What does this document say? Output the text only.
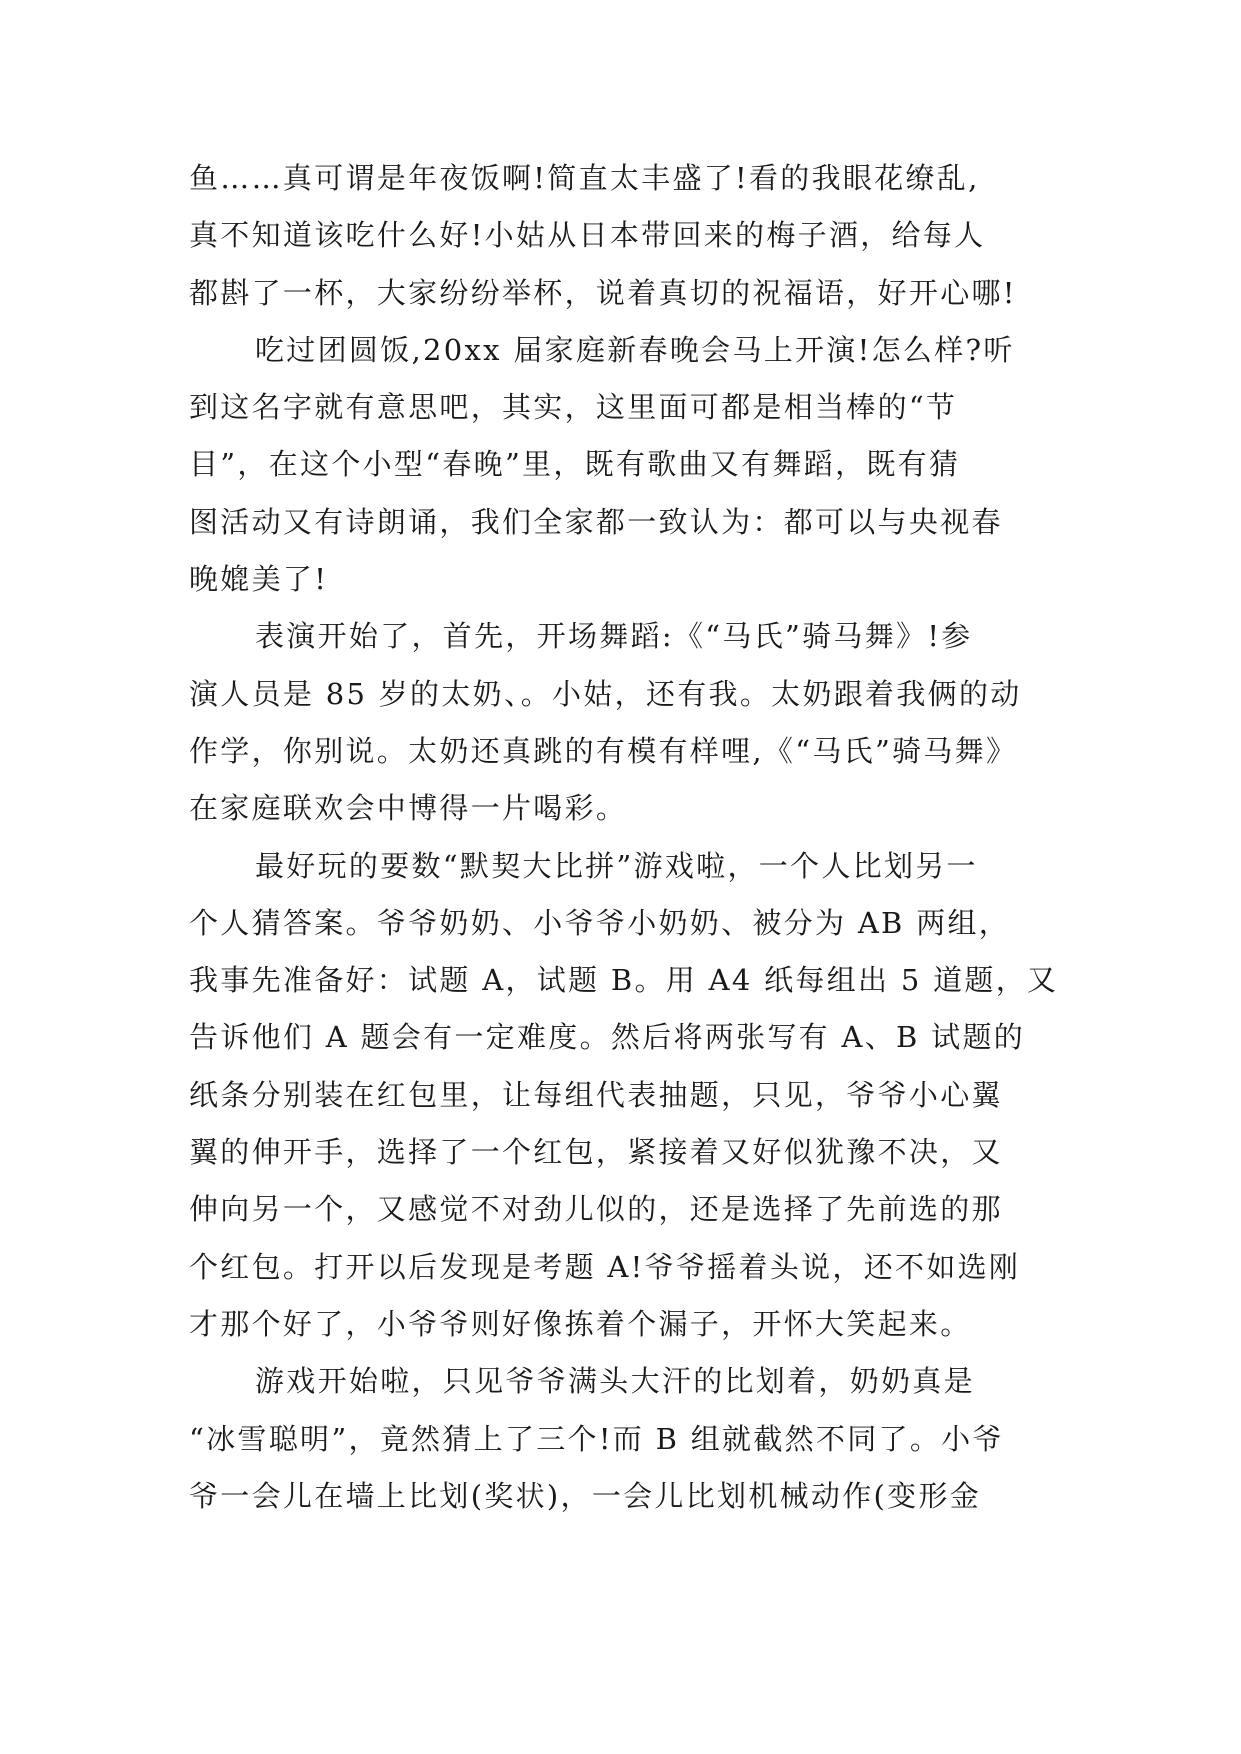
鱼……真可谓是年夜饭啊!简直太丰盛了!看的我眼花缭乱,
真不知道该吃什么好!小姑从日本带回来的梅子酒，给每人
都斟了一杯，大家纷纷举杯，说着真切的祝福语，好开心哪!

吃过团圆饭,20xx 届家庭新春晚会马上开演!怎么样?听
到这名字就有意思吧，其实，这里面可都是相当棒的“节
目”，在这个小型“春晚”里，既有歌曲又有舞蹈，既有猜
图活动又有诗朗诵，我们全家都一致认为：都可以与央视春
晚媲美了!

表演开始了，首先，开场舞蹈:《“马氏”骑马舞》!参
演人员是 85 岁的太奶、。小姑，还有我。太奶跟着我俩的动
作学，你别说。太奶还真跳的有模有样哩,《“马氏”骑马舞》
在家庭联欢会中博得一片喝彩。

最好玩的要数“默契大比拼”游戏啦，一个人比划另一
个人猜答案。爷爷奶奶、小爷爷小奶奶、被分为 AB 两组，
我事先准备好：试题 A，试题 B。用 A4 纸每组出 5 道题，又
告诉他们 A 题会有一定难度。然后将两张写有 A、B 试题的
纸条分别装在红包里，让每组代表抽题，只见，爷爷小心翼
翼的伸开手，选择了一个红包，紧接着又好似犹豫不决，又
伸向另一个，又感觉不对劲儿似的，还是选择了先前选的那
个红包。打开以后发现是考题 A!爷爷摇着头说，还不如选刚
才那个好了，小爷爷则好像拣着个漏子，开怀大笑起来。

游戏开始啦，只见爷爷满头大汗的比划着，奶奶真是
“冰雪聪明”，竟然猜上了三个!而 B 组就截然不同了。小爷
爷一会儿在墙上比划(奖状)，一会儿比划机械动作(变形金
